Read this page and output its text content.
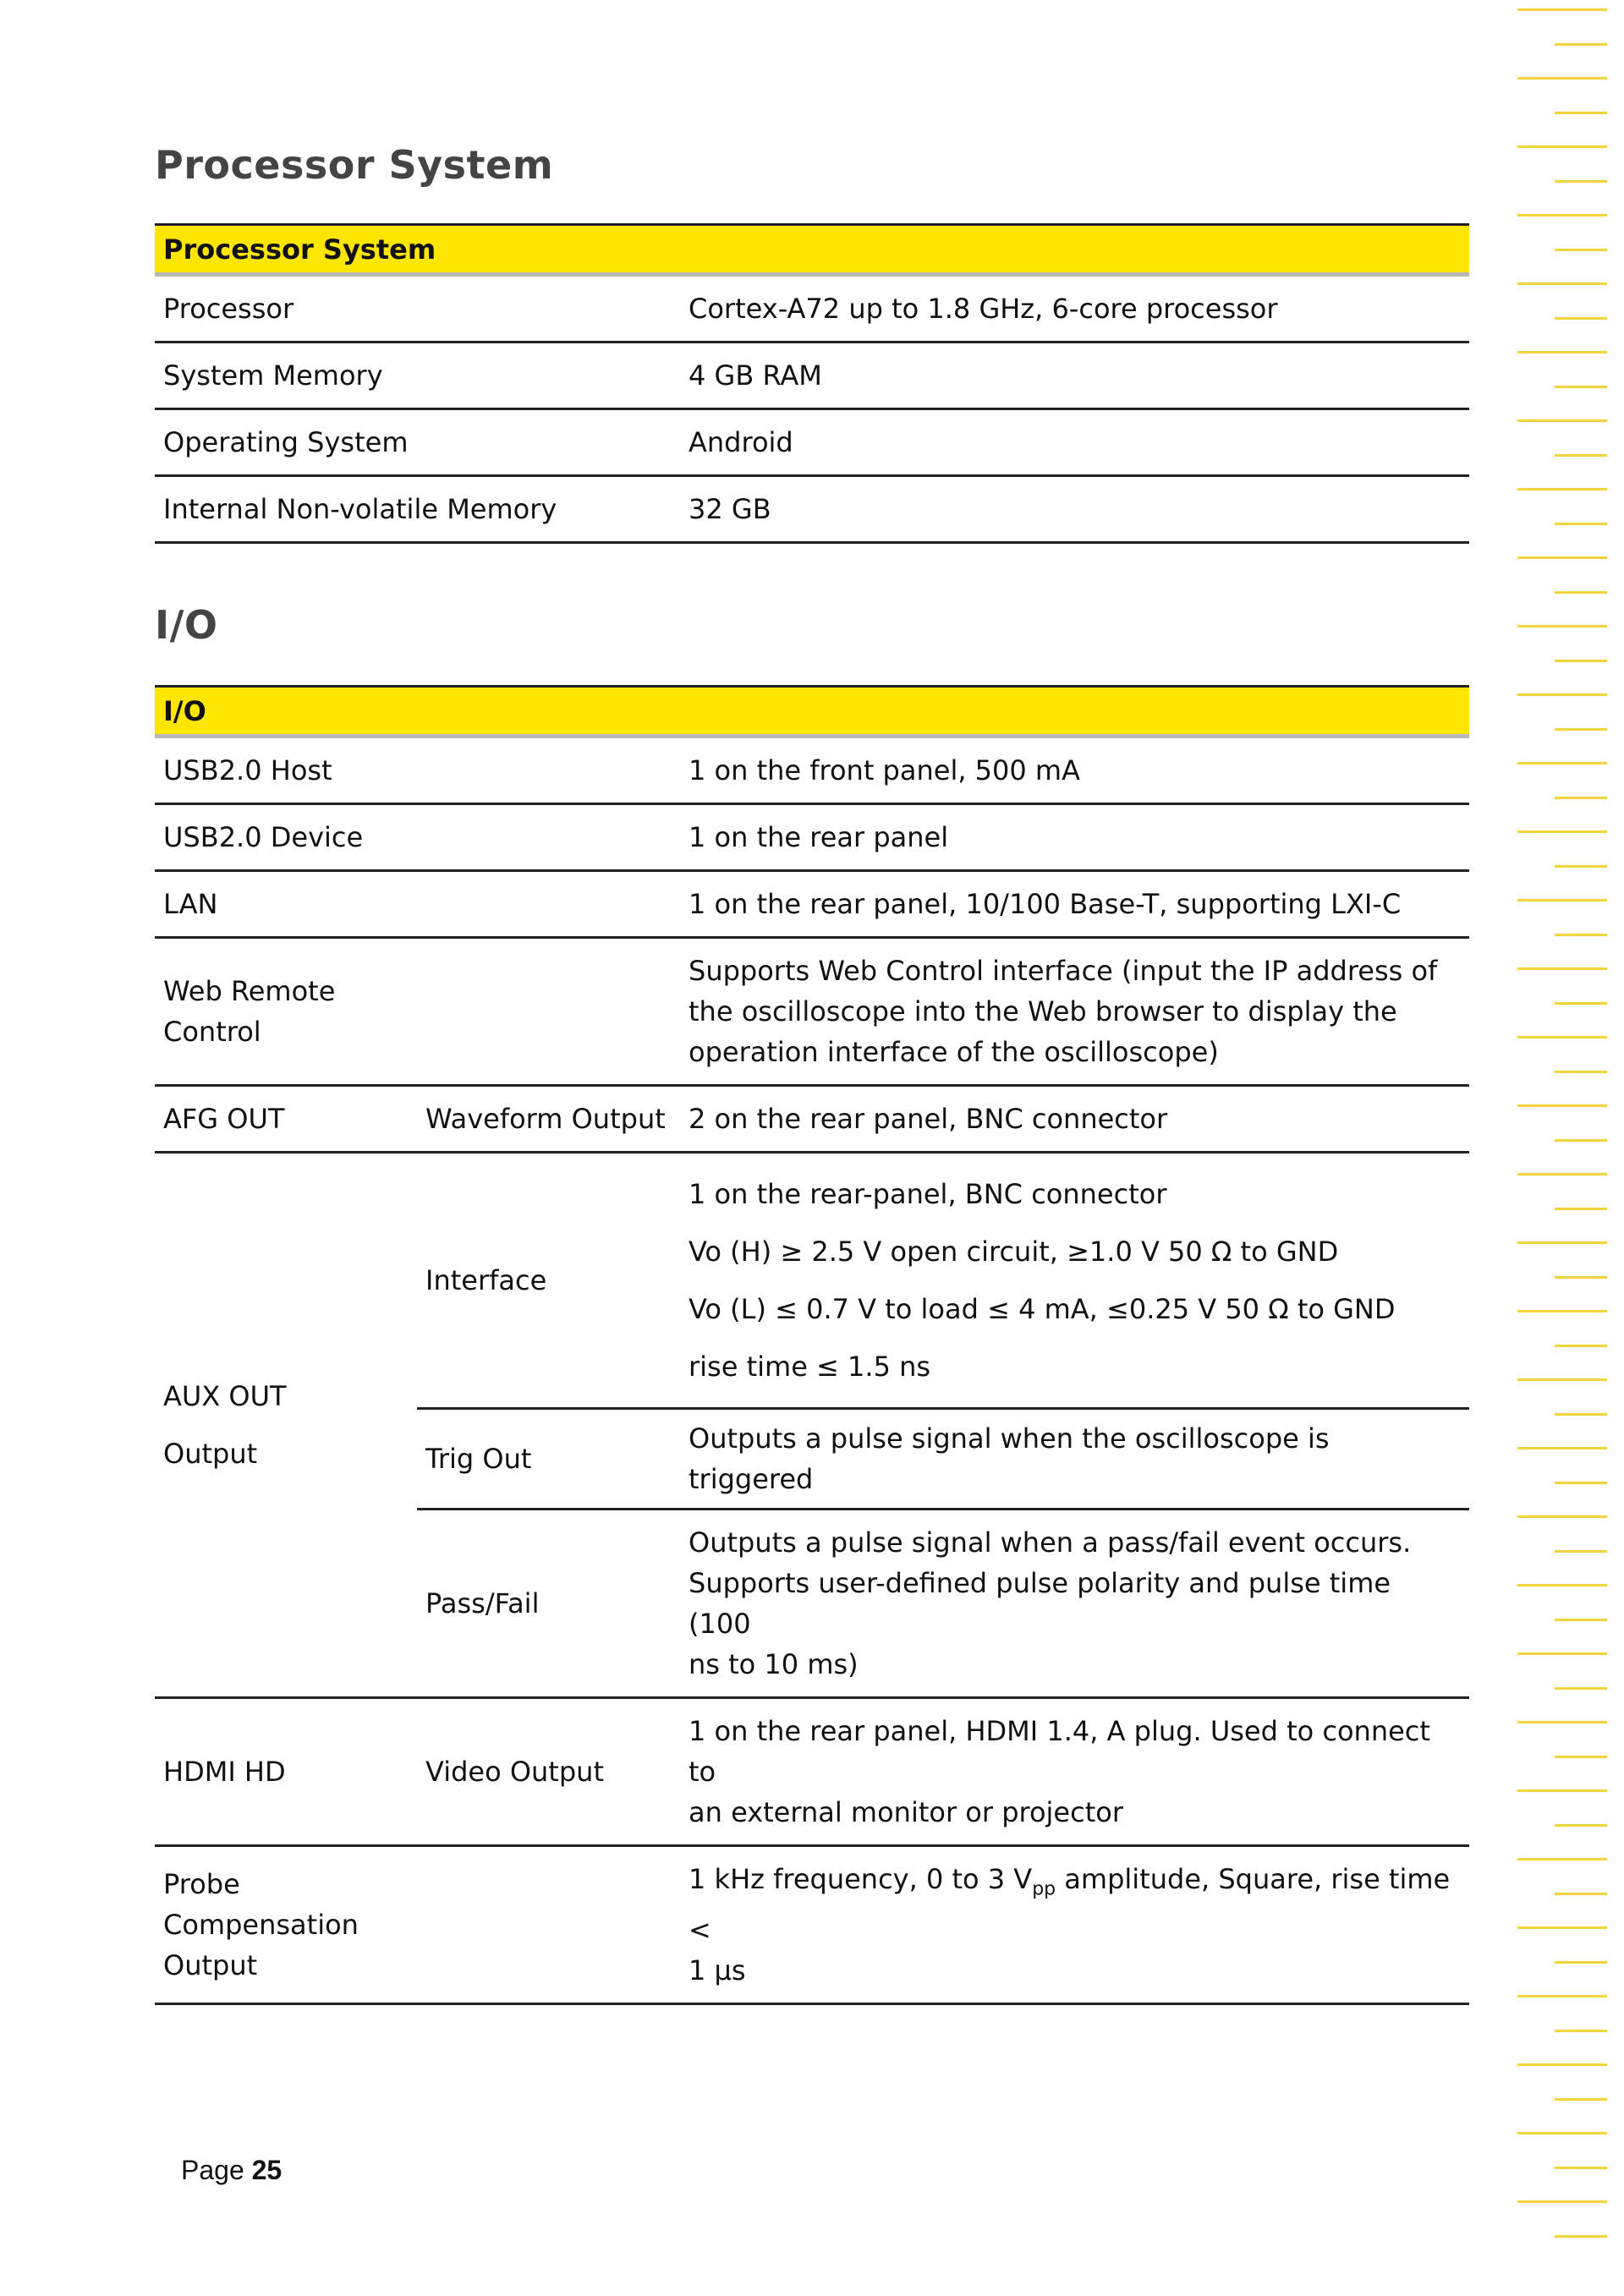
Processor System
Processor System	
Processor	Cortex-A72 up to 1.8 GHz, 6-core processor
System Memory	4 GB RAM
Operating System	Android
Internal Non-volatile Memory	32 GB
I/O
I/O		
USB2.0 Host		1 on the front panel, 500 mA
USB2.0 Device		1 on the rear panel
LAN		1 on the rear panel, 10/100 Base-T, supporting LXI-C

Web Remote
Control		Supports Web Control interface (input the IP address of
the oscilloscope into the Web browser to display the
operation interface of the oscilloscope)

AFG OUT	Waveform Output	2 on the rear panel, BNC connector

AUX OUT
Output	Interface	1 on the rear-panel, BNC connector
Vo (H) ≥ 2.5 V open circuit, ≥1.0 V 50 Ω to GND
Vo (L) ≤ 0.7 V to load ≤ 4 mA, ≤0.25 V 50 Ω to GND
rise time ≤ 1.5 ns

	Trig Out	Outputs a pulse signal when the oscilloscope is triggered
	Pass/Fail	Outputs a pulse signal when a pass/fail event occurs.
Supports user-defined pulse polarity and pulse time (100
ns to 10 ms)

HDMI HD	Video Output	1 on the rear panel, HDMI 1.4, A plug. Used to connect to
an external monitor or projector

Probe
Compensation
Output		1 kHz frequency, 0 to 3 $V_{pp}$ amplitude, Square, rise time <
1 μs
Page 25
